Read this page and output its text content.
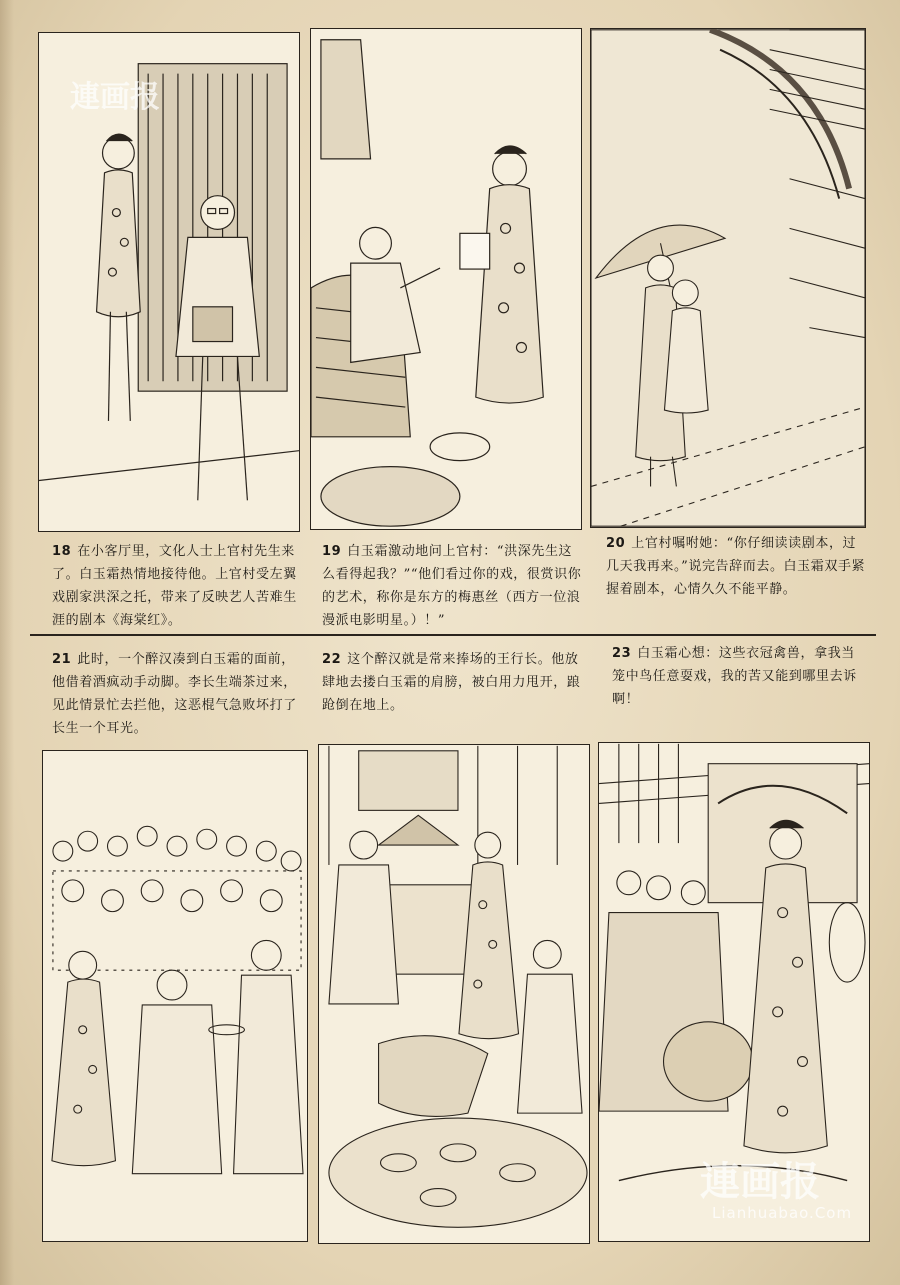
18 在小客厅里，文化人士上官村先生来了。白玉霜热情地接待他。上官村受左翼戏剧家洪深之托，带来了反映艺人苦难生涯的剧本《海棠红》。
19 白玉霜激动地问上官村：“洪深先生这么看得起我？”“他们看过你的戏，很赏识你的艺术，称你是东方的梅惠丝（西方一位浪漫派电影明星。）！”
20 上官村嘱咐她：“你仔细读读剧本，过几天我再来。”说完告辞而去。白玉霜双手紧握着剧本，心情久久不能平静。
21 此时，一个醉汉凑到白玉霜的面前，他借着酒疯动手动脚。李长生端茶过来，见此情景忙去拦他，这恶棍气急败坏打了长生一个耳光。
22 这个醉汉就是常来捧场的王行长。他放肆地去搂白玉霜的肩膀，被白用力甩开，踉跄倒在地上。
23 白玉霜心想：这些衣冠禽兽，拿我当笼中鸟任意耍戏，我的苦又能到哪里去诉啊！
連画报
連画报
Lianhuabao.Com
